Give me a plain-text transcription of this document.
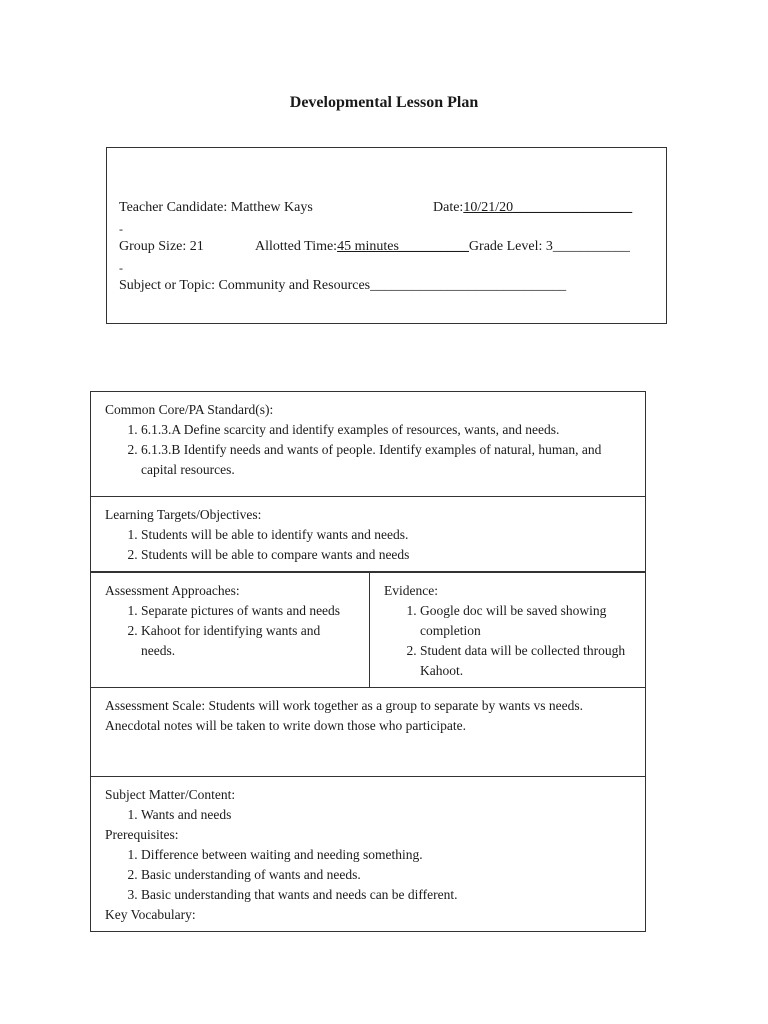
Developmental Lesson Plan
Teacher Candidate: Matthew Kays	Date:10/21/20_________________
-
Group Size: 21	Allotted Time:45 minutes__________Grade Level: 3___________
-
Subject or Topic: Community and Resources____________________________
Common Core/PA Standard(s):
1. 6.1.3.A Define scarcity and identify examples of resources, wants, and needs.
2. 6.1.3.B Identify needs and wants of people. Identify examples of natural, human, and capital resources.

Learning Targets/Objectives:
1. Students will be able to identify wants and needs.
2. Students will be able to compare wants and needs

Assessment Approaches:
1. Separate pictures of wants and needs
2. Kahoot for identifying wants and needs.

Evidence:
1. Google doc will be saved showing completion
2. Student data will be collected through Kahoot.

Assessment Scale: Students will work together as a group to separate by wants vs needs. Anecdotal notes will be taken to write down those who participate.

Subject Matter/Content:
1. Wants and needs
Prerequisites:
1. Difference between waiting and needing something.
2. Basic understanding of wants and needs.
3. Basic understanding that wants and needs can be different.
Key Vocabulary:
